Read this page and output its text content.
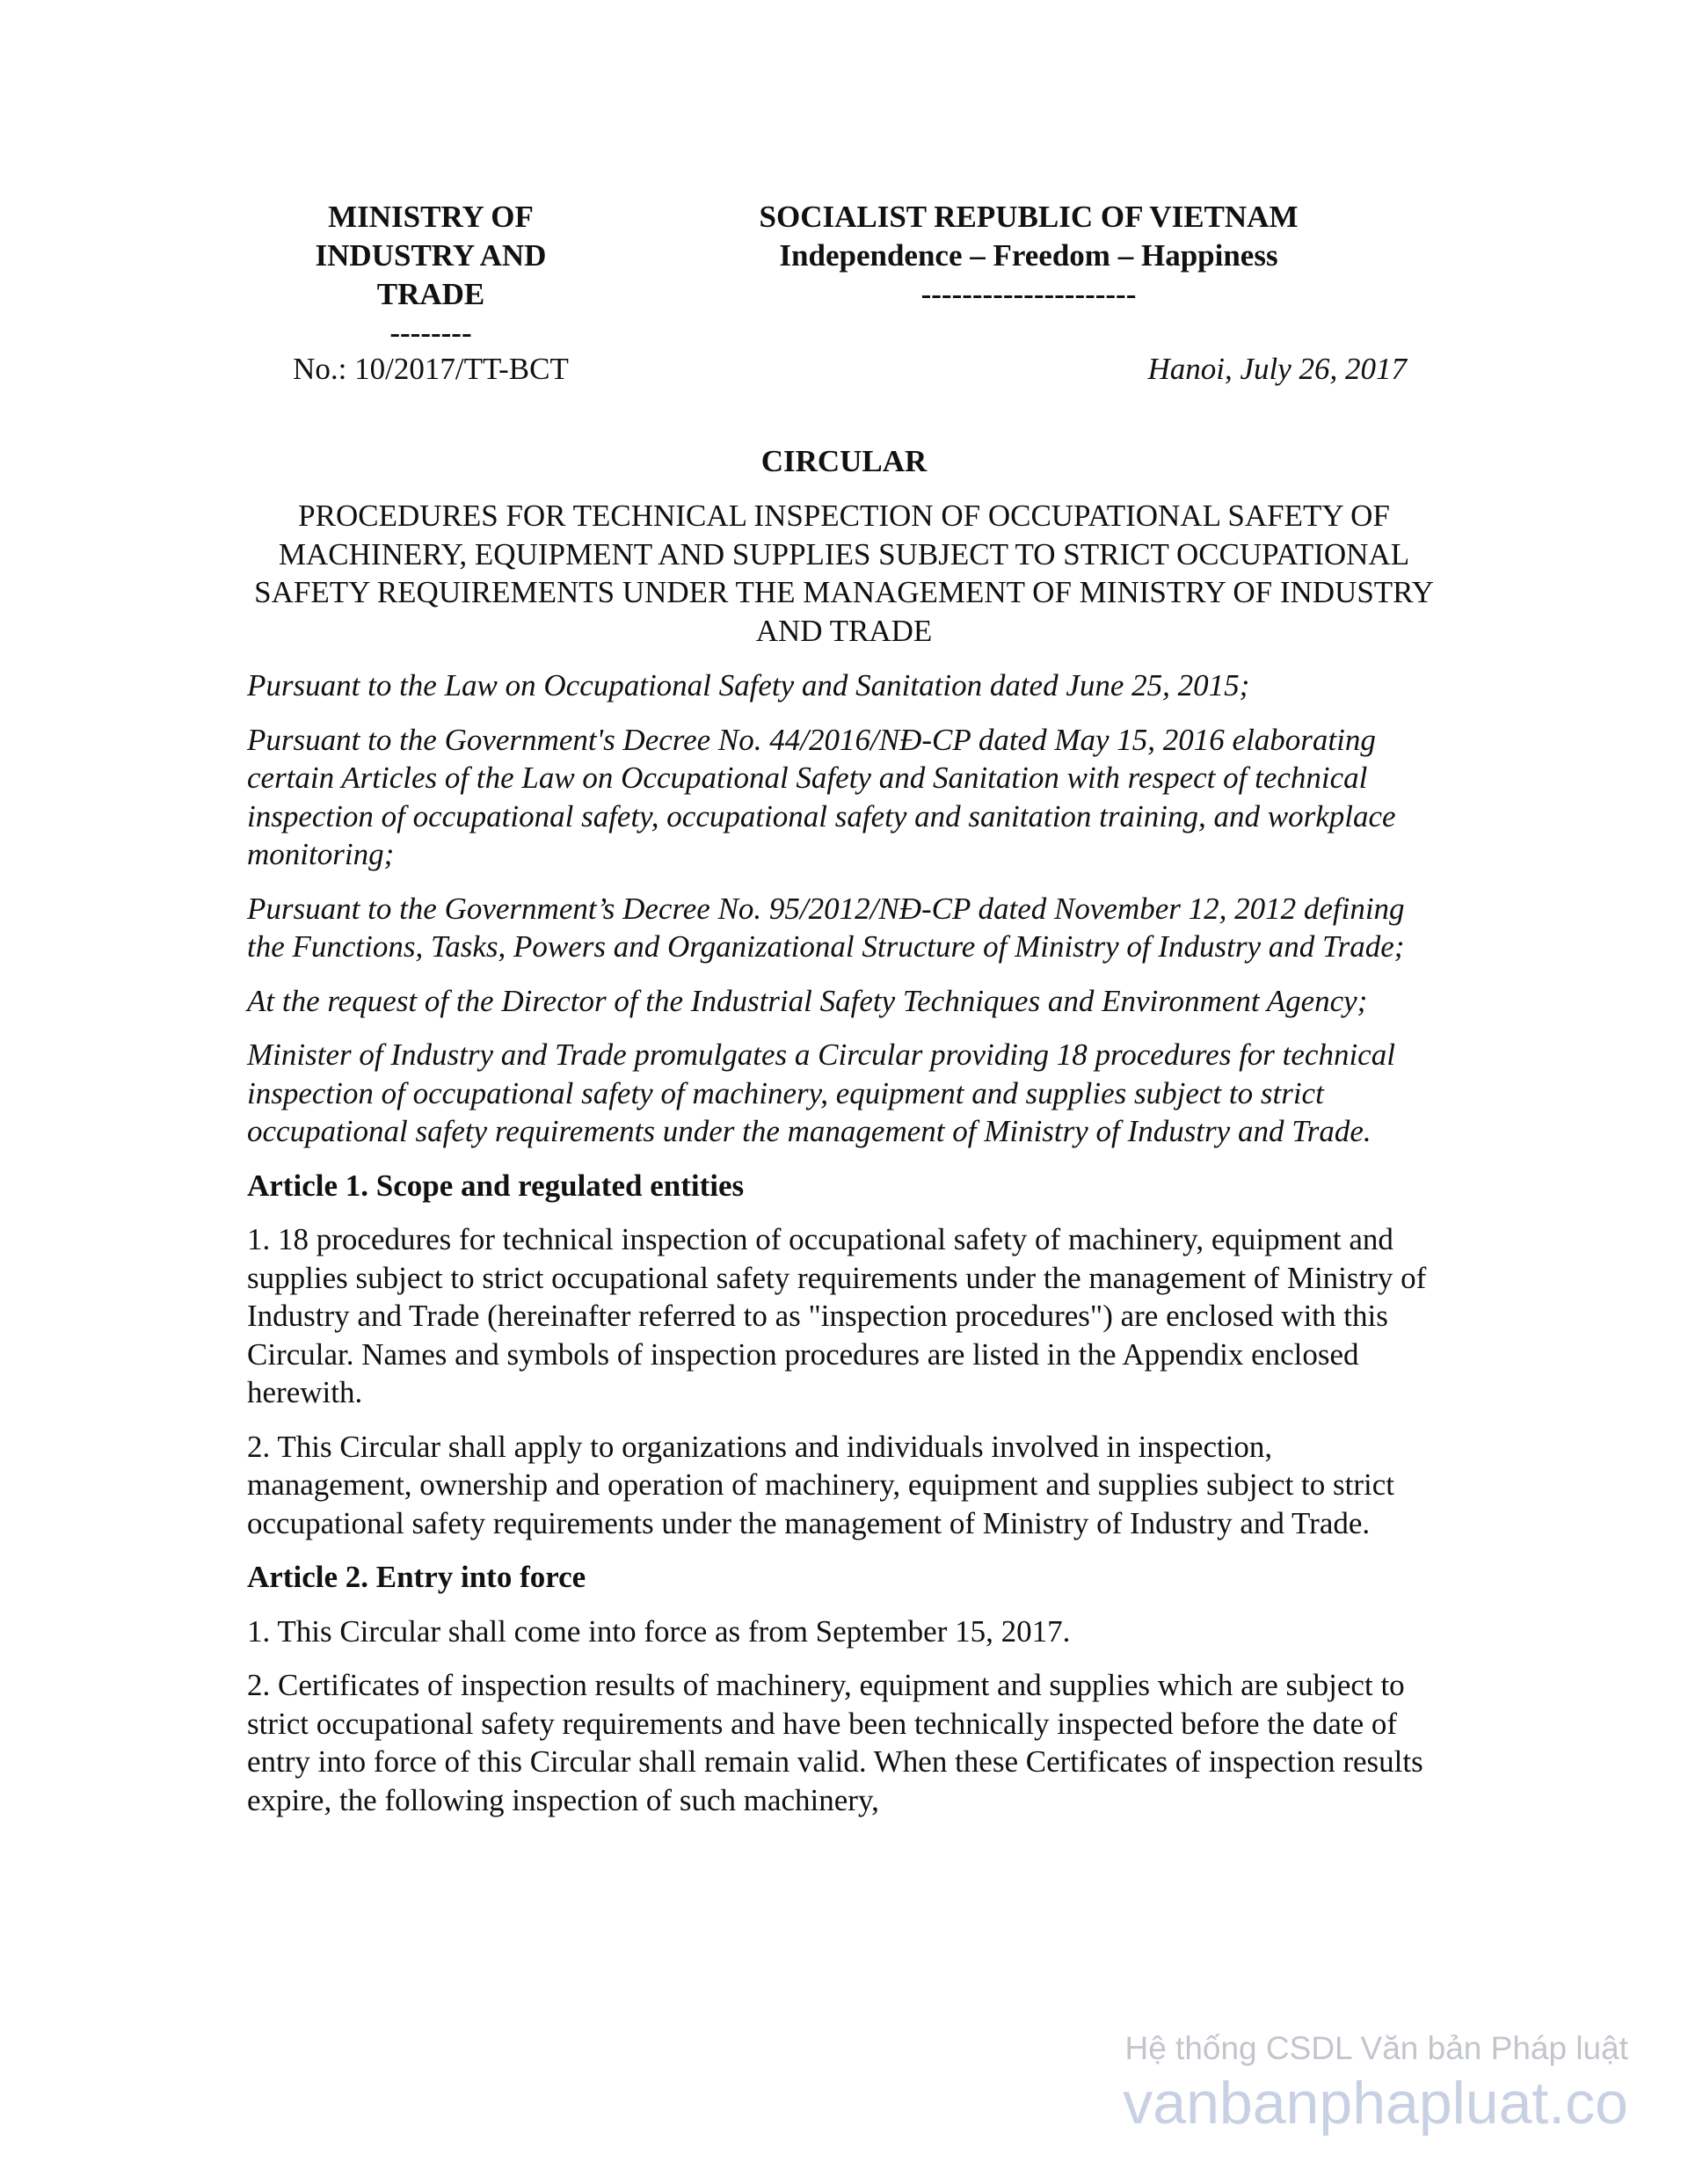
MINISTRY OF
INDUSTRY AND
TRADE
--------
SOCIALIST REPUBLIC OF VIETNAM
Independence – Freedom – Happiness
---------------------
No.: 10/2017/TT-BCT	Hanoi, July 26, 2017
CIRCULAR
PROCEDURES FOR TECHNICAL INSPECTION OF OCCUPATIONAL SAFETY OF MACHINERY, EQUIPMENT AND SUPPLIES SUBJECT TO STRICT OCCUPATIONAL SAFETY REQUIREMENTS UNDER THE MANAGEMENT OF MINISTRY OF INDUSTRY AND TRADE

Pursuant to the Law on Occupational Safety and Sanitation dated June 25, 2015;

Pursuant to the Government's Decree No. 44/2016/NĐ-CP dated May 15, 2016 elaborating certain Articles of the Law on Occupational Safety and Sanitation with respect of technical inspection of occupational safety, occupational safety and sanitation training, and workplace monitoring;

Pursuant to the Government’s Decree No. 95/2012/NĐ-CP dated November 12, 2012 defining the Functions, Tasks, Powers and Organizational Structure of Ministry of Industry and Trade;

At the request of the Director of the Industrial Safety Techniques and Environment Agency;

Minister of Industry and Trade promulgates a Circular providing 18 procedures for technical inspection of occupational safety of machinery, equipment and supplies subject to strict occupational safety requirements under the management of Ministry of Industry and Trade.

Article 1. Scope and regulated entities

1. 18 procedures for technical inspection of occupational safety of machinery, equipment and supplies subject to strict occupational safety requirements under the management of Ministry of Industry and Trade (hereinafter referred to as "inspection procedures") are enclosed with this Circular. Names and symbols of inspection procedures are listed in the Appendix enclosed herewith.

2. This Circular shall apply to organizations and individuals involved in inspection, management, ownership and operation of machinery, equipment and supplies subject to strict occupational safety requirements under the management of Ministry of Industry and Trade.

Article 2. Entry into force

1. This Circular shall come into force as from September 15, 2017.

2. Certificates of inspection results of machinery, equipment and supplies which are subject to strict occupational safety requirements and have been technically inspected before the date of entry into force of this Circular shall remain valid. When these Certificates of inspection results expire, the following inspection of such machinery,

Hệ thống CSDL Văn bản Pháp luật
vanbanphapluat.co
